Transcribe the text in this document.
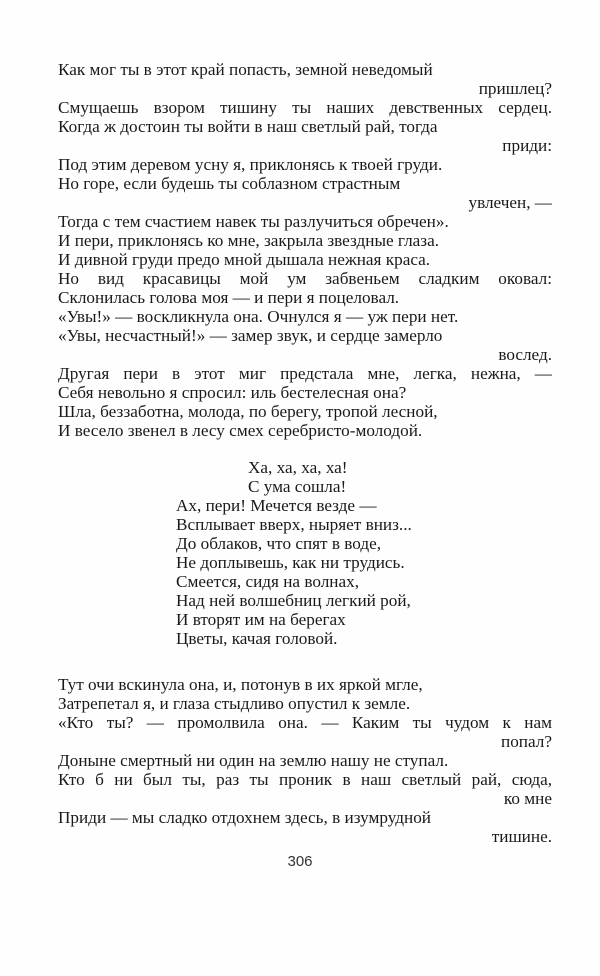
Как мог ты в этот край попасть, земной неведомый
пришлец?
Смущаешь взором тишину ты наших девственных сердец.
Когда ж достоин ты войти в наш светлый рай, тогда
приди:
Под этим деревом усну я, приклонясь к твоей груди.
Но горе, если будешь ты соблазном страстным
увлечен, —
Тогда с тем счастием навек ты разлучиться обречен».
И пери, приклонясь ко мне, закрыла звездные глаза.
И дивной груди предо мной дышала нежная краса.
Но вид красавицы мой ум забвеньем сладким оковал:
Склонилась голова моя — и пери я поцеловал.
«Увы!» — воскликнула она. Очнулся я — уж пери нет.
«Увы, несчастный!» — замер звук, и сердце замерло
вослед.
Другая пери в этот миг предстала мне, легка, нежна, —
Себя невольно я спросил: иль бестелесная она?
Шла, беззаботна, молода, по берегу, тропой лесной,
И весело звенел в лесу смех серебристо-молодой.
Ха, ха, ха, ха!
С ума сошла!
Ах, пери! Мечется везде —
Всплывает вверх, ныряет вниз...
До облаков, что спят в воде,
Не доплывешь, как ни трудись.
Смеется, сидя на волнах,
Над ней волшебниц легкий рой,
И вторят им на берегах
Цветы, качая головой.
Тут очи вскинула она, и, потонув в их яркой мгле,
Затрепетал я, и глаза стыдливо опустил к земле.
«Кто ты? — промолвила она. — Каким ты чудом к нам
попал?
Доныне смертный ни один на землю нашу не ступал.
Кто б ни был ты, раз ты проник в наш светлый рай, сюда,
ко мне
Приди — мы сладко отдохнем здесь, в изумрудной
тишине.
306
